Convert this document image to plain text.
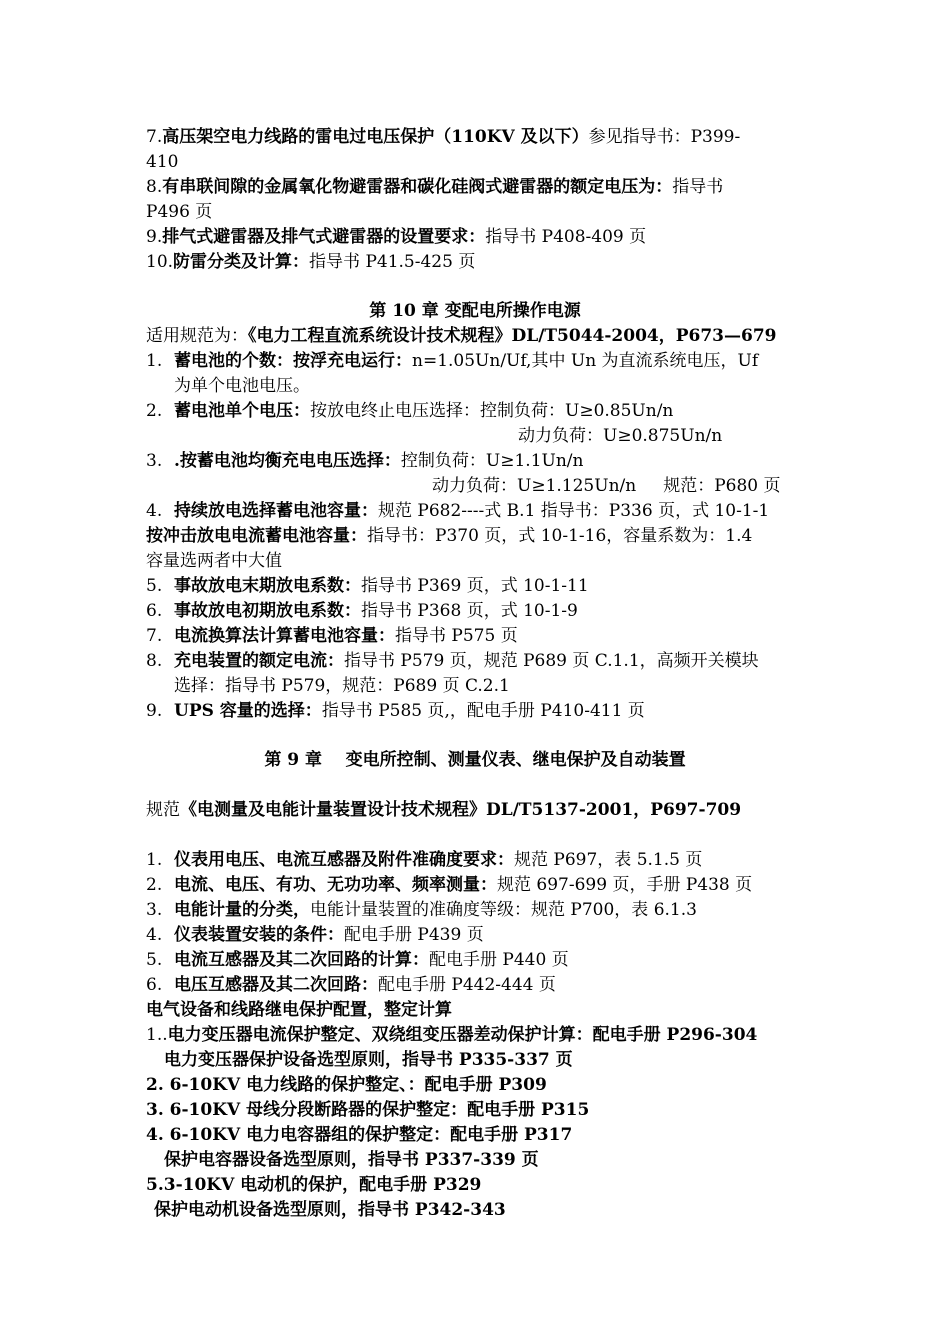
7.高压架空电力线路的雷电过电压保护（110KV 及以下）参见指导书：P399-
410
8.有串联间隙的金属氧化物避雷器和碳化硅阀式避雷器的额定电压为：指导书
P496 页
9.排气式避雷器及排气式避雷器的设置要求：指导书 P408-409 页
10.防雷分类及计算：指导书 P41.5-425 页
第 10 章 变配电所操作电源
适用规范为：《电力工程直流系统设计技术规程》DL/T5044-2004，P673—679
1. 蓄电池的个数：按浮充电运行：n=1.05Un/Uf,其中 Un 为直流系统电压，Uf
为单个电池电压。
2. 蓄电池单个电压：按放电终止电压选择：控制负荷：U≥0.85Un/n
动力负荷：U≥0.875Un/n
3. .按蓄电池均衡充电电压选择：控制负荷：U≥1.1Un/n
动力负荷：U≥1.125Un/n     规范：P680 页
4. 持续放电选择蓄电池容量：规范 P682----式 B.1 指导书：P336 页，式 10-1-1
按冲击放电电流蓄电池容量：指导书：P370 页，式 10-1-16，容量系数为：1.4
容量选两者中大值
5. 事故放电末期放电系数：指导书 P369 页，式 10-1-11
6. 事故放电初期放电系数：指导书 P368 页，式 10-1-9
7. 电流换算法计算蓄电池容量：指导书 P575 页
8. 充电装置的额定电流：指导书 P579 页，规范 P689 页 C.1.1，高频开关模块
选择：指导书 P579，规范：P689 页 C.2.1
9. UPS 容量的选择：指导书 P585 页,，配电手册 P410-411 页
第 9 章    变电所控制、测量仪表、继电保护及自动装置
规范《电测量及电能计量装置设计技术规程》DL/T5137-2001，P697-709
1. 仪表用电压、电流互感器及附件准确度要求：规范 P697，表 5.1.5 页
2. 电流、电压、有功、无功功率、频率测量：规范 697-699 页，手册 P438 页
3. 电能计量的分类，电能计量装置的准确度等级：规范 P700，表 6.1.3
4. 仪表装置安装的条件：配电手册 P439 页
5. 电流互感器及其二次回路的计算：配电手册 P440 页
6. 电压互感器及其二次回路：配电手册 P442-444 页
电气设备和线路继电保护配置，整定计算
1..电力变压器电流保护整定、双绕组变压器差动保护计算：配电手册 P296-304
电力变压器保护设备选型原则，指导书 P335-337 页
2. 6-10KV 电力线路的保护整定、：配电手册 P309
3. 6-10KV 母线分段断路器的保护整定：配电手册 P315
4. 6-10KV 电力电容器组的保护整定：配电手册 P317
保护电容器设备选型原则，指导书 P337-339 页
5.3-10KV 电动机的保护，配电手册 P329
保护电动机设备选型原则，指导书 P342-343
